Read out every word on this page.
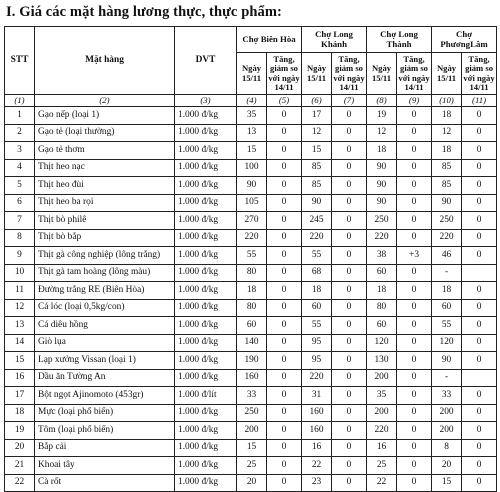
I. Giá các mặt hàng lương thực, thực phẩm:
STT	Mặt hàng	DVT	Chợ Biên Hòa		Chợ Long Khánh		Chợ Long Thành		Chợ PhươngLâm	
			Ngày 15/11	Tăng, giảm so với ngày 14/11	Ngày 15/11	Tăng, giảm so với ngày 14/11	Ngày 15/11	Tăng, giảm so với ngày 14/11	Ngày 15/11	Tăng, giảm so với ngày 14/11
(1)	(2)	(3)	(4)	(5)	(6)	(7)	(8)	(9)	(10)	(11)
1	Gạo nếp (loại 1)	1.000 đ/kg	35	0	17	0	19	0	18	0
2	Gạo tẻ (loại thường)	1.000 đ/kg	13	0	12	0	12	0	12	0
3	Gạo tẻ thơm	1.000 đ/kg	15	0	15	0	18	0	18	0
4	Thịt heo nạc	1.000 đ/kg	100	0	85	0	90	0	85	0
5	Thịt heo đùi	1.000 đ/kg	90	0	85	0	90	0	85	0
6	Thịt heo ba rọi	1.000 đ/kg	105	0	90	0	90	0	90	0
7	Thịt bò philê	1.000 đ/kg	270	0	245	0	250	0	250	0
8	Thịt bò bắp	1.000 đ/kg	220	0	220	0	220	0	220	0
9	Thịt gà công nghiệp (lông trắng)	1.000 đ/kg	55	0	55	0	38	+3	46	0
10	Thịt gà tam hoàng (lông màu)	1.000 đ/kg	80	0	68	0	60	0	-	
11	Đường trắng RE (Biên Hòa)	1.000 đ/kg	18	0	18	0	18	0	18	0
12	Cá lóc (loại 0,5kg/con)	1.000 đ/kg	80	0	60	0	80	0	60	0
13	Cá diêu hồng	1.000 đ/kg	60	0	55	0	60	0	55	0
14	Giò lụa	1.000 đ/kg	140	0	95	0	120	0	120	0
15	Lạp xưởng Vissan (loại 1)	1.000 đ/kg	190	0	95	0	130	0	90	0
16	Dầu ăn Tường An	1.000 đ/kg	160	0	220	0	200	0	-	
17	Bột ngọt Ajinomoto (453gr)	1.000 đ/lít	33	0	31	0	35	0	33	0
18	Mực (loại phổ biến)	1.000 đ/kg	250	0	160	0	200	0	200	0
19	Tôm (loại phổ biến)	1.000 đ/kg	200	0	160	0	220	0	200	0
20	Bắp cải	1.000 đ/kg	15	0	16	0	16	0	8	0
21	Khoai tây	1.000 đ/kg	25	0	22	0	25	0	20	0
22	Cà rốt	1.000 đ/kg	20	0	23	0	22	0	15	0
